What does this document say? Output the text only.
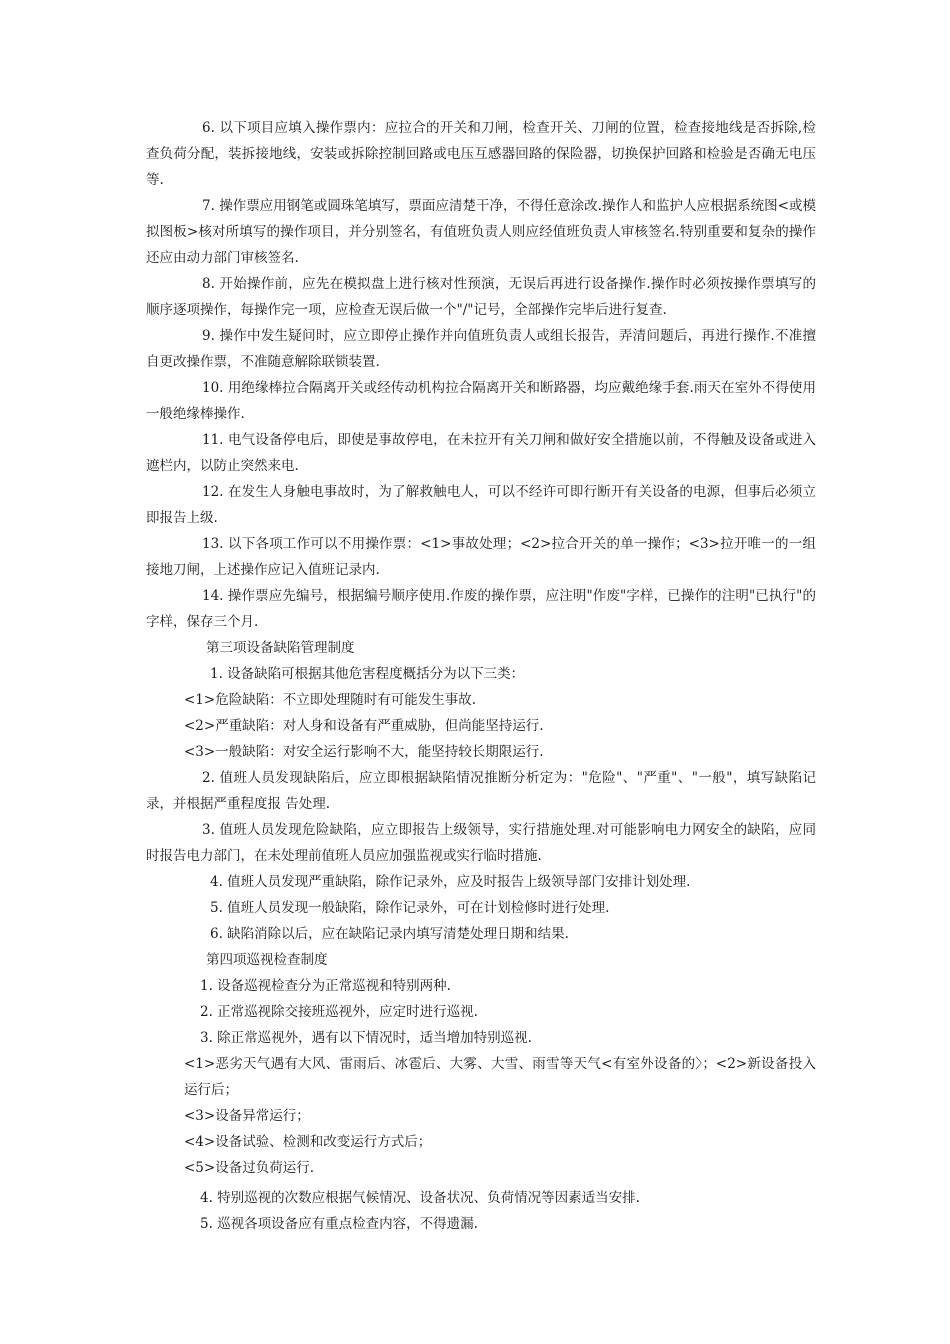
6. 以下项目应填入操作票内：应拉合的开关和刀闸，检查开关、刀闸的位置，检查接地线是否拆除,检查负荷分配，装拆接地线，安装或拆除控制回路或电压互感器回路的保险器，切换保护回路和检验是否确无电压等.

7. 操作票应用钢笔或圆珠笔填写，票面应清楚干净，不得任意涂改.操作人和监护人应根据系统图<或模拟图板>核对所填写的操作项目，并分别签名，有值班负责人则应经值班负责人审核签名.特别重要和复杂的操作还应由动力部门审核签名.

8. 开始操作前，应先在模拟盘上进行核对性预演，无误后再进行设备操作.操作时必须按操作票填写的顺序逐项操作，每操作完一项，应检查无误后做一个"/"记号，全部操作完毕后进行复查.

9. 操作中发生疑问时，应立即停止操作并向值班负责人或组长报告，弄清问题后，再进行操作.不准擅自更改操作票，不准随意解除联锁装置.

10. 用绝缘棒拉合隔离开关或经传动机构拉合隔离开关和断路器，均应戴绝缘手套.雨天在室外不得使用一般绝缘棒操作.

11. 电气设备停电后，即使是事故停电，在未拉开有关刀闸和做好安全措施以前，不得触及设备或进入遮栏内，以防止突然来电.

12. 在发生人身触电事故时，为了解救触电人，可以不经许可即行断开有关设备的电源，但事后必须立即报告上级.

13. 以下各项工作可以不用操作票：<1>事故处理；<2>拉合开关的单一操作；<3>拉开唯一的一组接地刀闸，上述操作应记入值班记录内.

14. 操作票应先编号，根据编号顺序使用.作废的操作票，应注明"作废"字样，已操作的注明"已执行"的字样，保存三个月.

第三项设备缺陷管理制度

1. 设备缺陷可根据其他危害程度概括分为以下三类：

<1>危险缺陷：不立即处理随时有可能发生事故.

<2>严重缺陷：对人身和设备有严重威胁，但尚能坚持运行.

<3>一般缺陷：对安全运行影响不大，能坚持较长期限运行.

2. 值班人员发现缺陷后，应立即根据缺陷情况推断分析定为："危险"、"严重"、"一般"，填写缺陷记录，并根据严重程度报 告处理.

3. 值班人员发现危险缺陷，应立即报告上级领导，实行措施处理.对可能影响电力网安全的缺陷，应同时报告电力部门，在未处理前值班人员应加强监视或实行临时措施.

4. 值班人员发现严重缺陷，除作记录外，应及时报告上级领导部门安排计划处理.

5. 值班人员发现一般缺陷，除作记录外，可在计划检修时进行处理.

6. 缺陷消除以后，应在缺陷记录内填写清楚处理日期和结果.

第四项巡视检查制度

1. 设备巡视检查分为正常巡视和特别两种.

2. 正常巡视除交接班巡视外，应定时进行巡视.

3. 除正常巡视外，遇有以下情况时，适当增加特别巡视.

<1>恶劣天气遇有大风、雷雨后、冰雹后、大雾、大雪、雨雪等天气<有室外设备的〉；<2>新设备投入运行后；

<3>设备异常运行；

<4>设备试验、检测和改变运行方式后；

<5>设备过负荷运行.

4. 特别巡视的次数应根据气候情况、设备状况、负荷情况等因素适当安排.

5. 巡视各项设备应有重点检查内容，不得遗漏.
